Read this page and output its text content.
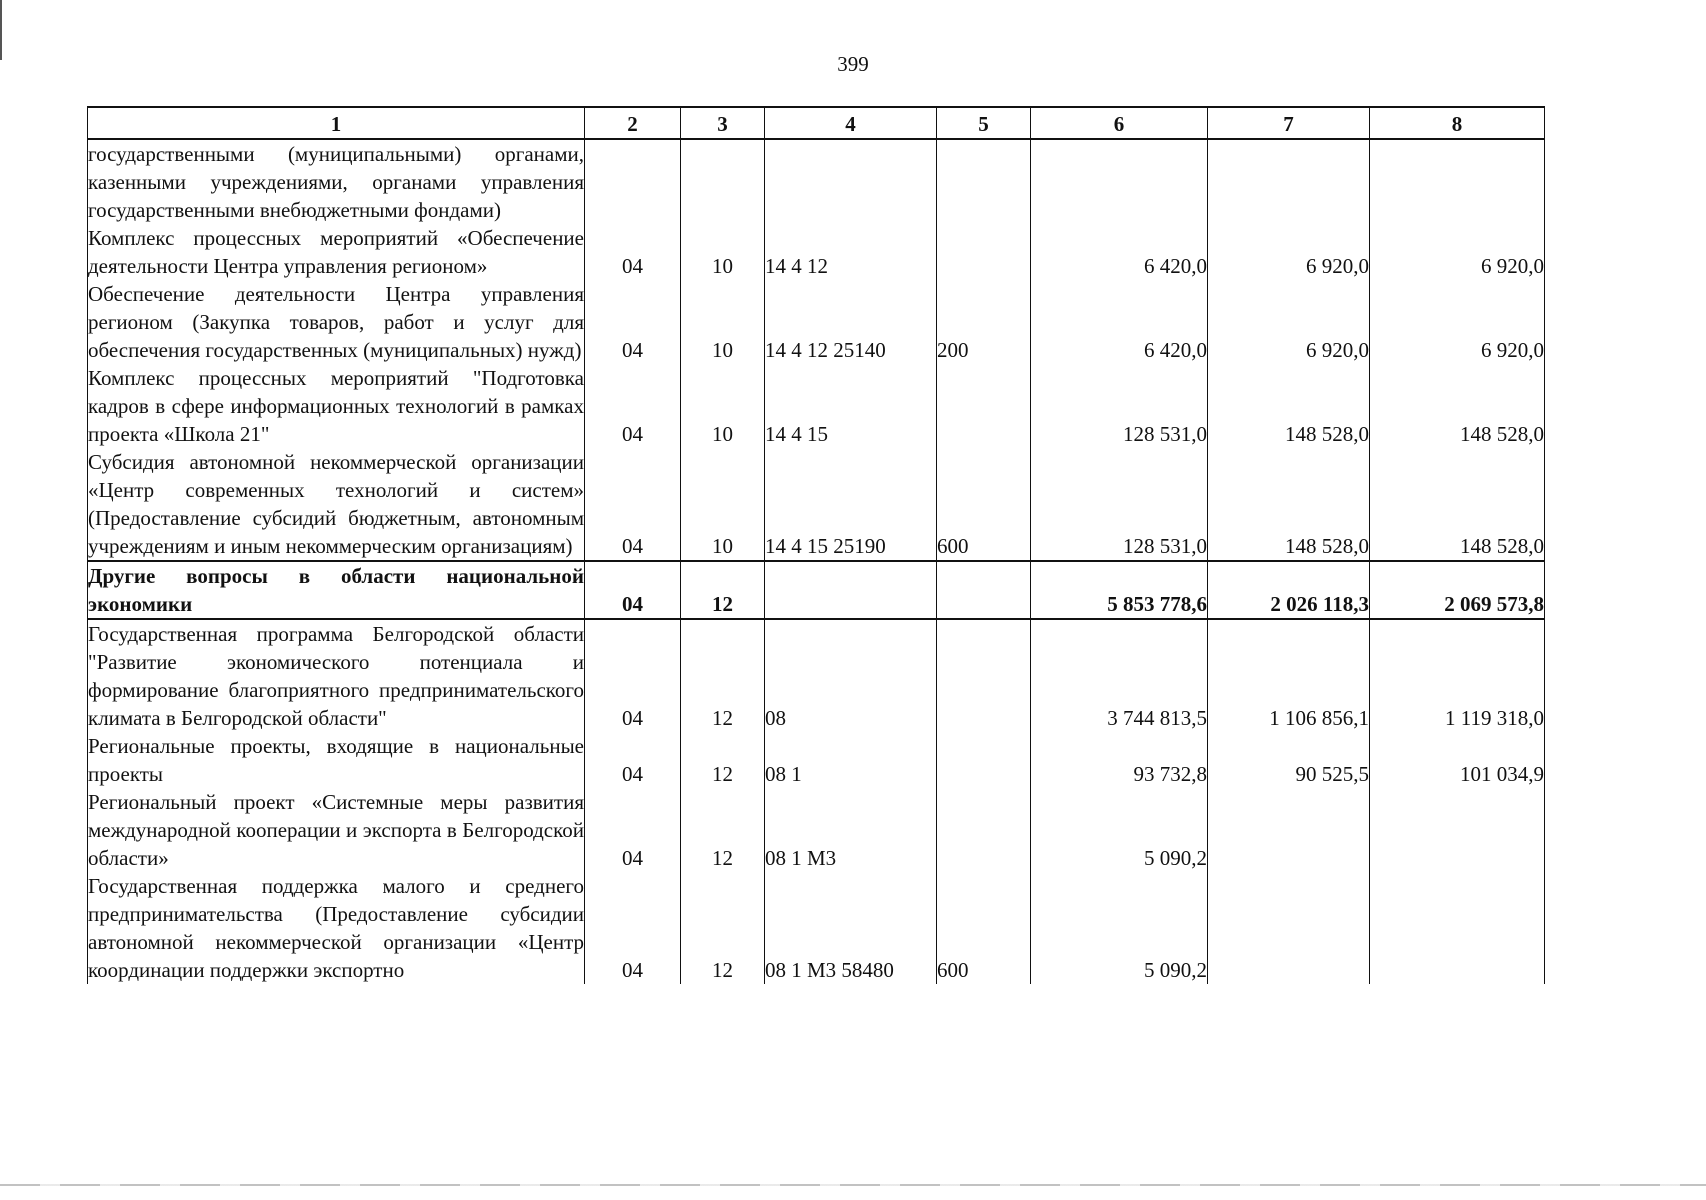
399
1	2	3	4	5	6	7	8
государственными (муниципальными) органами, казенными учреждениями, органами управления государственными внебюджетными фондами)							
Комплекс процессных мероприятий «Обеспечение деятельности Центра управления регионом»	04	10	14 4 12		6 420,0	6 920,0	6 920,0
Обеспечение деятельности Центра управления регионом (Закупка товаров, работ и услуг для обеспечения государственных (муниципальных) нужд)	04	10	14 4 12 25140	200	6 420,0	6 920,0	6 920,0
Комплекс процессных мероприятий "Подготовка кадров в сфере информационных технологий в рамках проекта «Школа 21"	04	10	14 4 15		128 531,0	148 528,0	148 528,0
Субсидия автономной некоммерческой организации «Центр современных технологий и систем» (Предоставление субсидий бюджетным, автономным учреждениям и иным некоммерческим организациям)	04	10	14 4 15 25190	600	128 531,0	148 528,0	148 528,0
Другие вопросы в области национальной экономики	04	12			5 853 778,6	2 026 118,3	2 069 573,8
Государственная программа Белгородской области "Развитие экономического потенциала и формирование благоприятного предпринимательского климата в Белгородской области"	04	12	08		3 744 813,5	1 106 856,1	1 119 318,0
Региональные проекты, входящие в национальные проекты	04	12	08 1		93 732,8	90 525,5	101 034,9
Региональный проект «Системные меры развития международной кооперации и экспорта в Белгородской области»	04	12	08 1 М3		5 090,2		
Государственная поддержка малого и среднего предпринимательства (Предоставление субсидии автономной некоммерческой организации «Центр координации поддержки экспортно	04	12	08 1 М3 58480	600	5 090,2		
